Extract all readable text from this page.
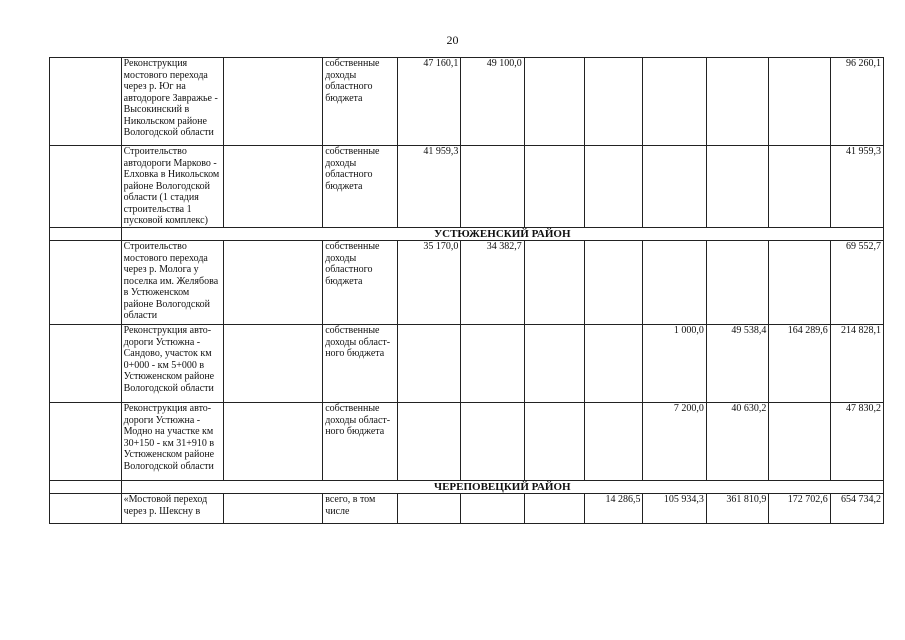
20
	Реконструкция мостового перехода через р. Юг на автодороге Завражье - Высокинский в Никольском районе Вологодской области		собственные доходы областного бюджета	47 160,1	49 100,0						96 260,1
	Строительство автодороги Марково - Елховка в Никольском районе Вологодской области (1 стадия строительства 1 пусковой комплекс)		собственные доходы областного бюджета	41 959,3							41 959,3
	УСТЮЖЕНСКИЙ РАЙОН										
	Строительство мостового перехода через р. Молога у поселка им. Желябова в Устюженском районе Вологодской области		собственные доходы областного бюджета	35 170,0	34 382,7						69 552,7
	Реконструкция авто-дороги Устюжна - Сандово, участок км 0+000 - км 5+000 в Устюженском районе Вологодской области		собственные доходы област-ного бюджета					1 000,0	49 538,4	164 289,6	214 828,1
	Реконструкция авто-дороги Устюжна - Модно на участке км 30+150 - км 31+910 в Устюженском районе Вологодской области		собственные доходы област-ного бюджета					7 200,0	40 630,2		47 830,2
	ЧЕРЕПОВЕЦКИЙ РАЙОН										
	«Мостовой переход через р. Шексну в		всего, в том числе				14 286,5	105 934,3	361 810,9	172 702,6	654 734,2
